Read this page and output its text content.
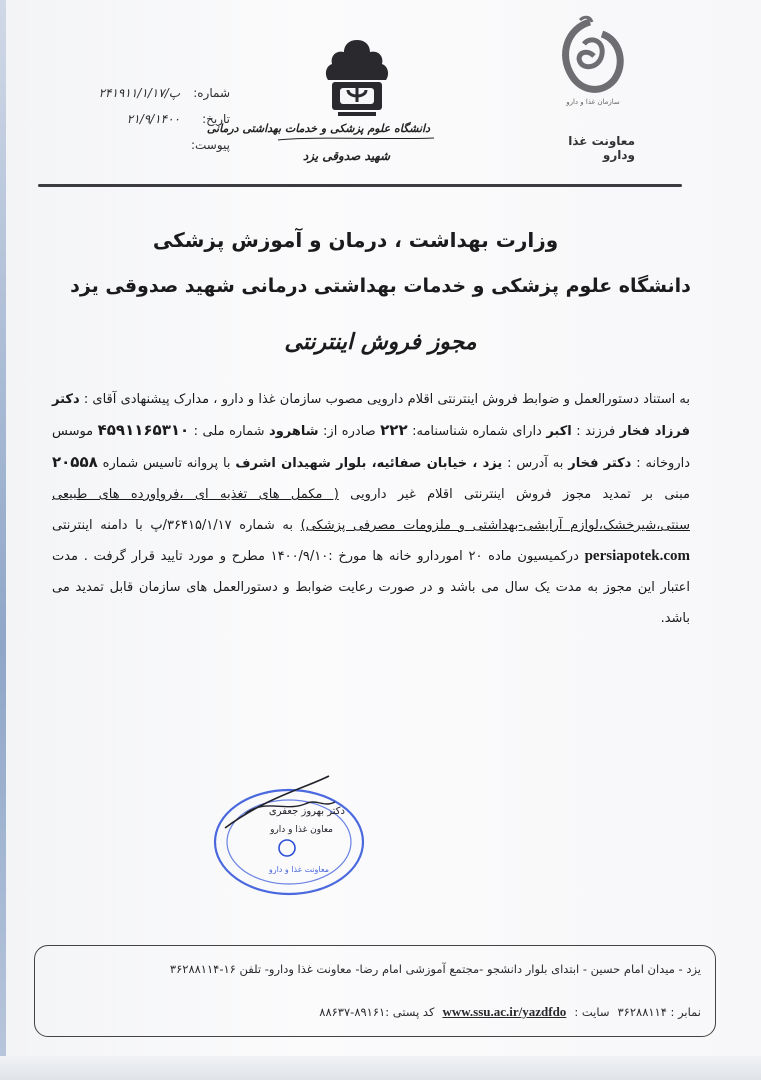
سازمان غذا و دارو
معاونت غذا ودارو
دانشگاه علوم پزشکی و خدمات بهداشتی درمانی
شهید صدوقی یزد
شماره:
۲۴۱۹۱۱/۱/۱۷/پ
تاریخ:
۲۱/۹/۱۴۰۰
پیوست:
وزارت بهداشت ، درمان و آموزش پزشکی
دانشگاه علوم پزشکی و خدمات بهداشتی درمانی شهید صدوقی یزد
مجوز فروش اینترنتی

به استناد دستورالعمل و ضوابط فروش اینترنتی اقلام دارویی مصوب سازمان غذا و دارو ، مدارک پیشنهادی آقای : دکتر فرزاد فخار فرزند : اکبر دارای شماره شناسنامه: ۲۲۲ صادره از: شاهرود شماره ملی : ۴۵۹۱۱۶۵۳۱۰ موسس داروخانه : دکتر فخار به آدرس : یزد ، خیابان صفائیه، بلوار شهیدان اشرف با پروانه تاسیس شماره ۲۰۵۵۸ مبنی بر تمدید مجوز فروش اینترنتی اقلام غیر دارویی ( مکمل های تغذیه ای ،فرواورده های طبیعی سنتی،شیرخشک،لوازم آرایشی-بهداشتی و ملزومات مصرفی پزشکی) به شماره ۳۶۴۱۵/۱/۱۷/پ با دامنه اینترنتی persiapotek.com درکمیسیون ماده ۲۰ اموردارو خانه ها مورخ :۱۴۰۰/۹/۱۰ مطرح و مورد تایید قرار گرفت . مدت اعتبار این مجوز به مدت یک سال می باشد و در صورت رعایت ضوابط و دستورالعمل های سازمان قابل تمدید می باشد.

دکتر بهروز جعفری
معاون غذا و دارو
معاونت غذا و دارو
یزد - میدان امام حسین - ابتدای بلوار دانشجو -مجتمع آموزشی امام رضا- معاونت غذا ودارو- تلفن ۱۶-۳۶۲۸۸۱۱۴
نمابر : ۳۶۲۸۸۱۱۴
سایت :
www.ssu.ac.ir/yazdfdo
کد پستی :۸۹۱۶۱-۸۸۶۳۷
